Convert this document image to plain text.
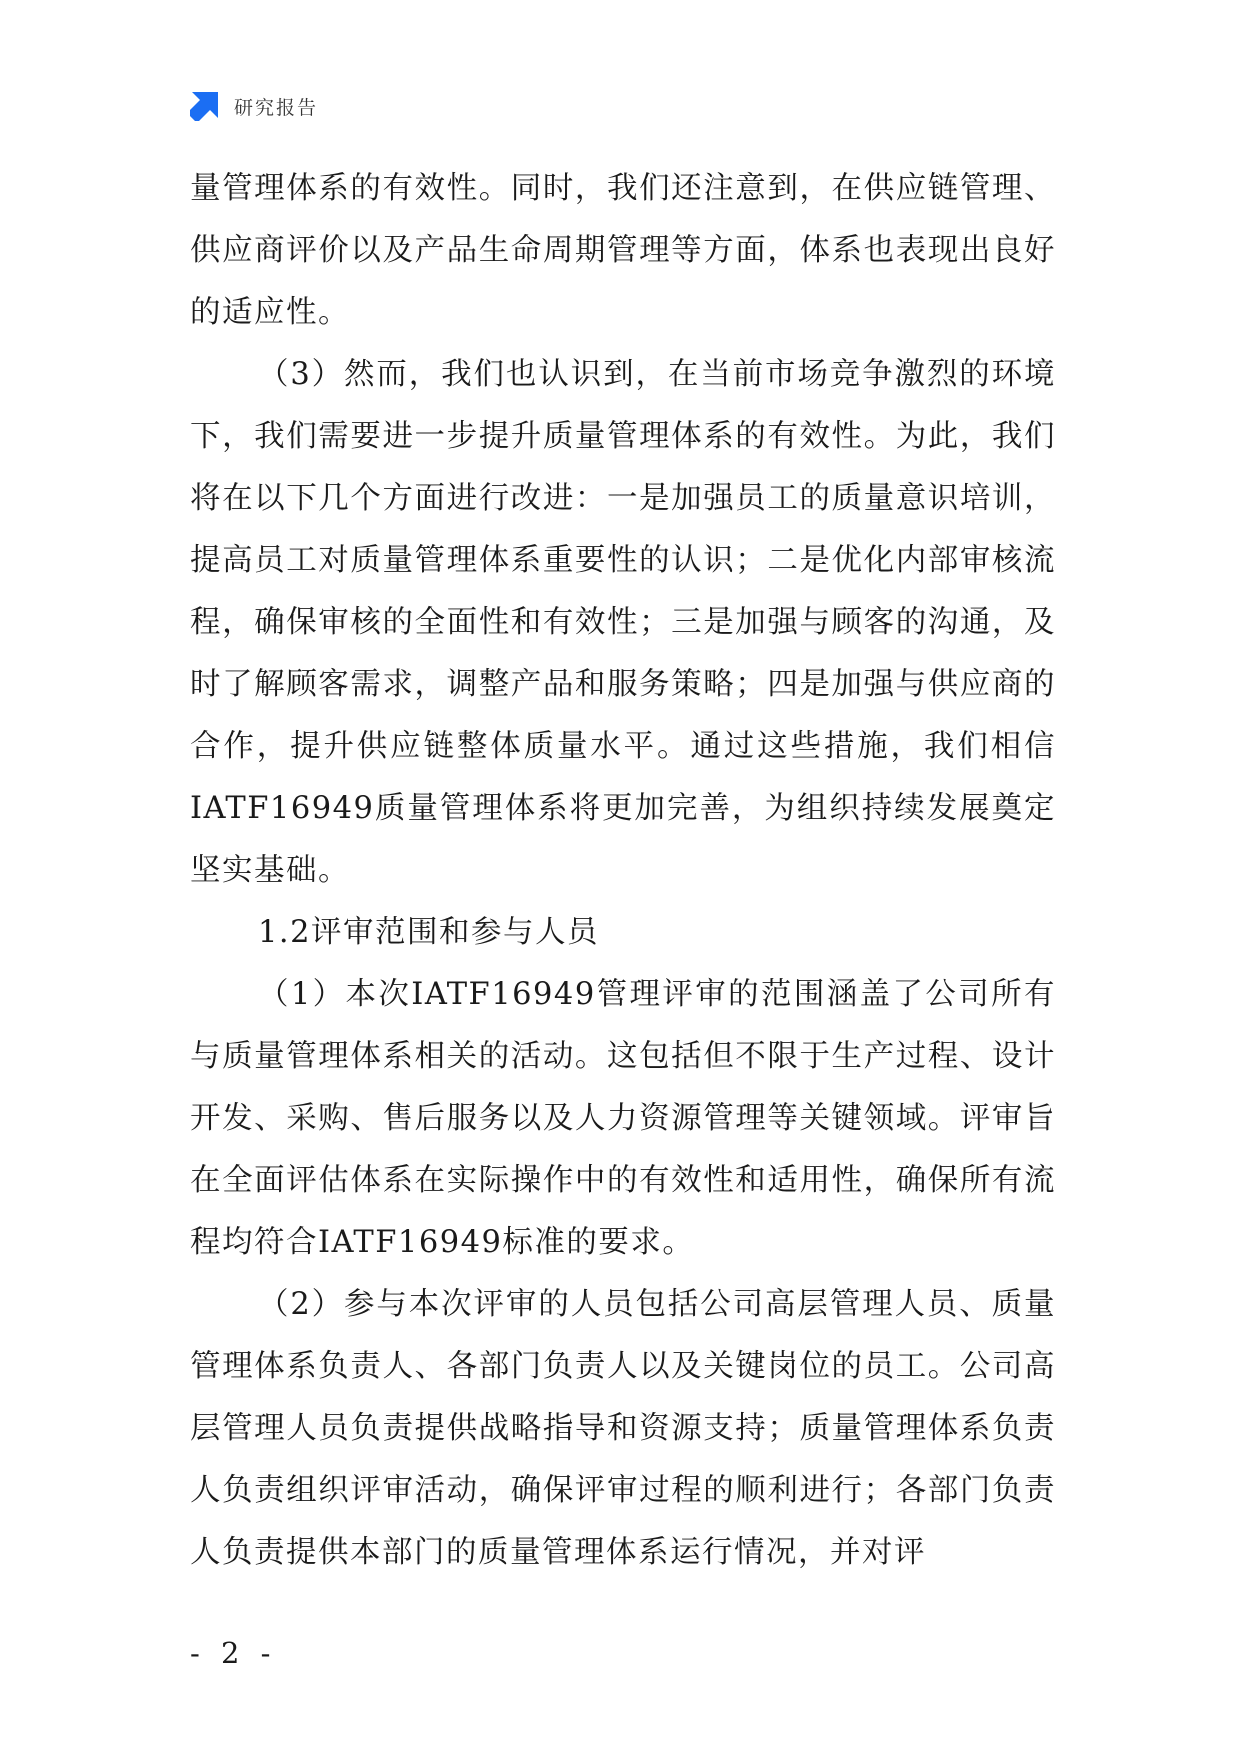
研究报告

量管理体系的有效性。同时，我们还注意到，在供应链管理、供应商评价以及产品生命周期管理等方面，体系也表现出良好的适应性。

（3）然而，我们也认识到，在当前市场竞争激烈的环境下，我们需要进一步提升质量管理体系的有效性。为此，我们将在以下几个方面进行改进：一是加强员工的质量意识培训，提高员工对质量管理体系重要性的认识；二是优化内部审核流程，确保审核的全面性和有效性；三是加强与顾客的沟通，及时了解顾客需求，调整产品和服务策略；四是加强与供应商的合作，提升供应链整体质量水平。通过这些措施，我们相信IATF16949质量管理体系将更加完善，为组织持续发展奠定坚实基础。

1.2评审范围和参与人员

（1）本次IATF16949管理评审的范围涵盖了公司所有与质量管理体系相关的活动。这包括但不限于生产过程、设计开发、采购、售后服务以及人力资源管理等关键领域。评审旨在全面评估体系在实际操作中的有效性和适用性，确保所有流程均符合IATF16949标准的要求。

（2）参与本次评审的人员包括公司高层管理人员、质量管理体系负责人、各部门负责人以及关键岗位的员工。公司高层管理人员负责提供战略指导和资源支持；质量管理体系负责人负责组织评审活动，确保评审过程的顺利进行；各部门负责人负责提供本部门的质量管理体系运行情况，并对评

- 2 -
